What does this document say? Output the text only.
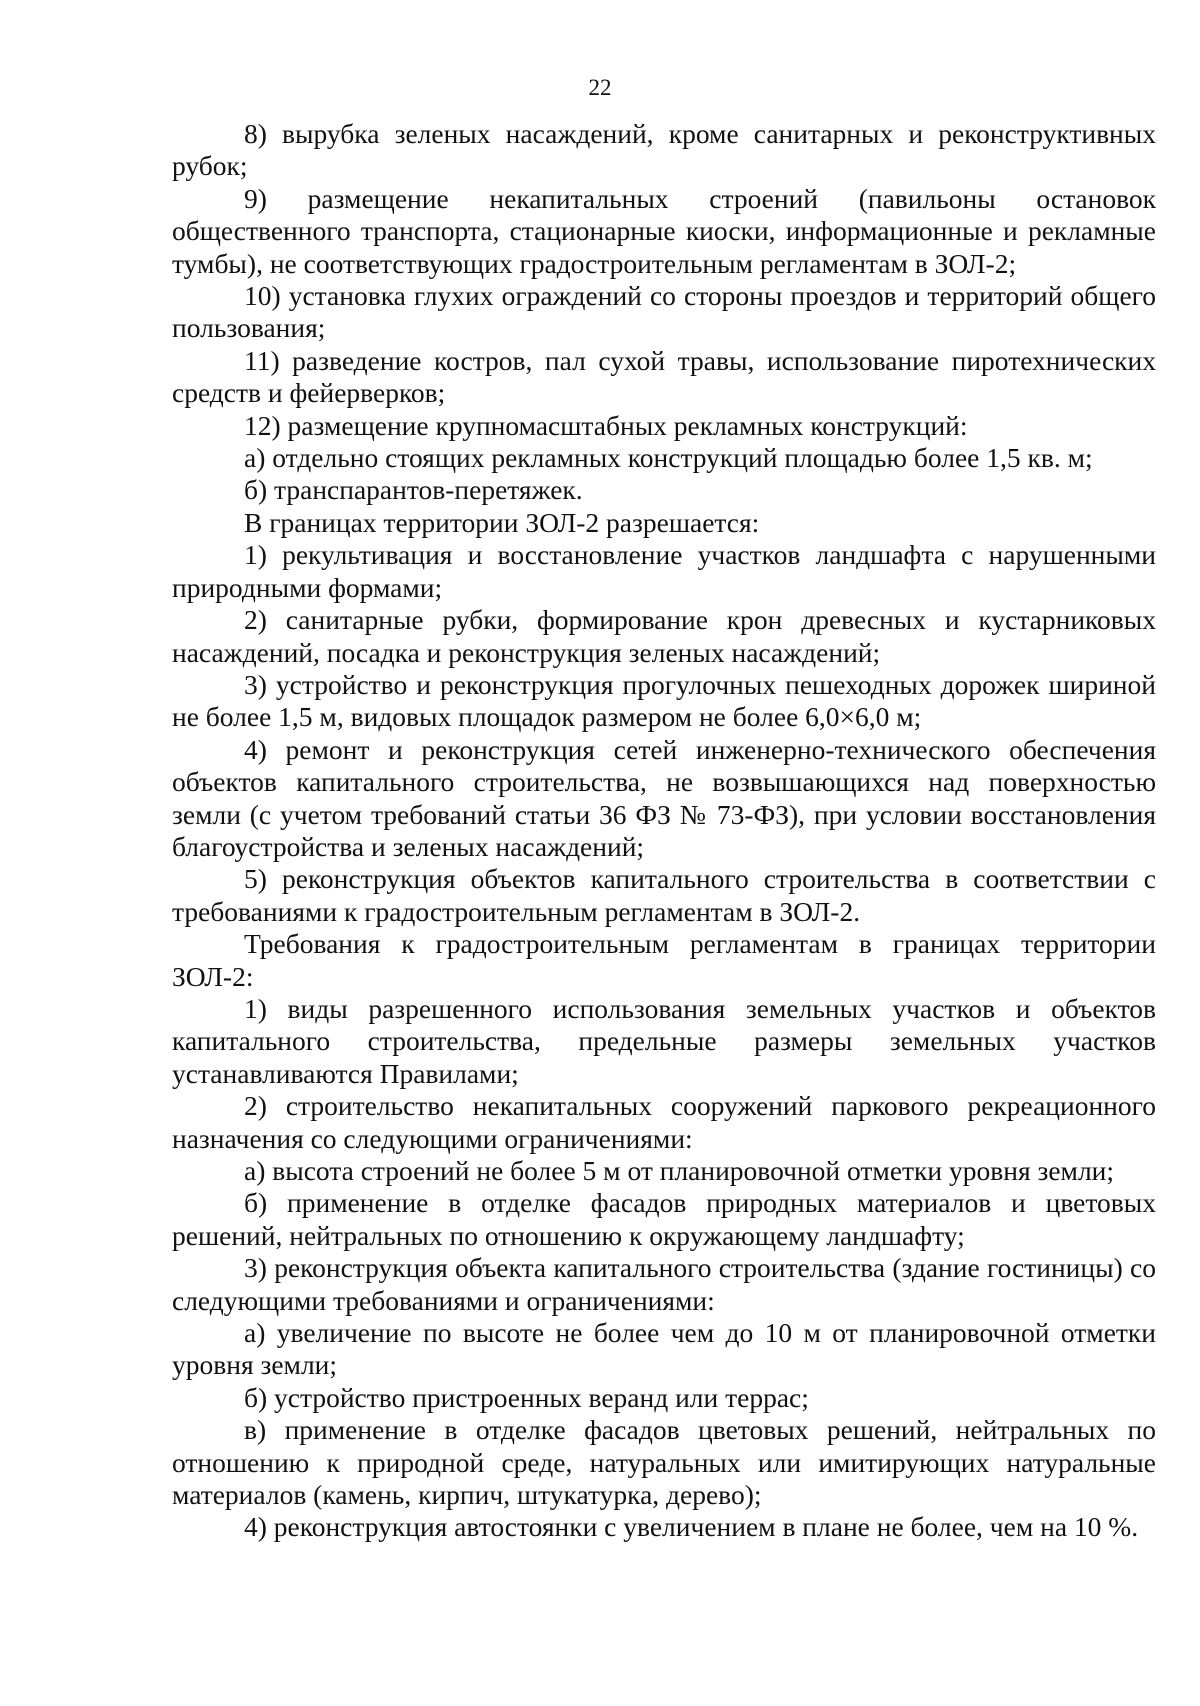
22

8) вырубка зеленых насаждений, кроме санитарных и реконструктивных рубок;

9) размещение некапитальных строений (павильоны остановок общественного транспорта, стационарные киоски, информационные и рекламные тумбы), не соответствующих градостроительным регламентам в ЗОЛ-2;

10) установка глухих ограждений со стороны проездов и территорий общего пользования;

11) разведение костров, пал сухой травы, использование пиротехнических средств и фейерверков;

12) размещение крупномасштабных рекламных конструкций:

а) отдельно стоящих рекламных конструкций площадью более 1,5 кв. м;

б) транспарантов-перетяжек.

В границах территории ЗОЛ-2 разрешается:

1) рекультивация и восстановление участков ландшафта с нарушенными природными формами;

2) санитарные рубки, формирование крон древесных и кустарниковых насаждений, посадка и реконструкция зеленых насаждений;

3) устройство и реконструкция прогулочных пешеходных дорожек шириной не более 1,5 м, видовых площадок размером не более 6,0×6,0 м;

4) ремонт и реконструкция сетей инженерно-технического обеспечения объектов капитального строительства, не возвышающихся над поверхностью земли (с учетом требований статьи 36 ФЗ № 73-ФЗ), при условии восстановления благоустройства и зеленых насаждений;

5) реконструкция объектов капитального строительства в соответствии с требованиями к градостроительным регламентам в ЗОЛ-2.

Требования к градостроительным регламентам в границах территории ЗОЛ-2:

1) виды разрешенного использования земельных участков и объектов капитального строительства, предельные размеры земельных участков устанавливаются Правилами;

2) строительство некапитальных сооружений паркового рекреационного назначения со следующими ограничениями:

а) высота строений не более 5 м от планировочной отметки уровня земли;

б) применение в отделке фасадов природных материалов и цветовых решений, нейтральных по отношению к окружающему ландшафту;

3) реконструкция объекта капитального строительства (здание гостиницы) со следующими требованиями и ограничениями:

а) увеличение по высоте не более чем до 10 м от планировочной отметки уровня земли;

б) устройство пристроенных веранд или террас;

в) применение в отделке фасадов цветовых решений, нейтральных по отношению к природной среде, натуральных или имитирующих натуральные материалов (камень, кирпич, штукатурка, дерево);

4) реконструкция автостоянки с увеличением в плане не более, чем на 10 %.
